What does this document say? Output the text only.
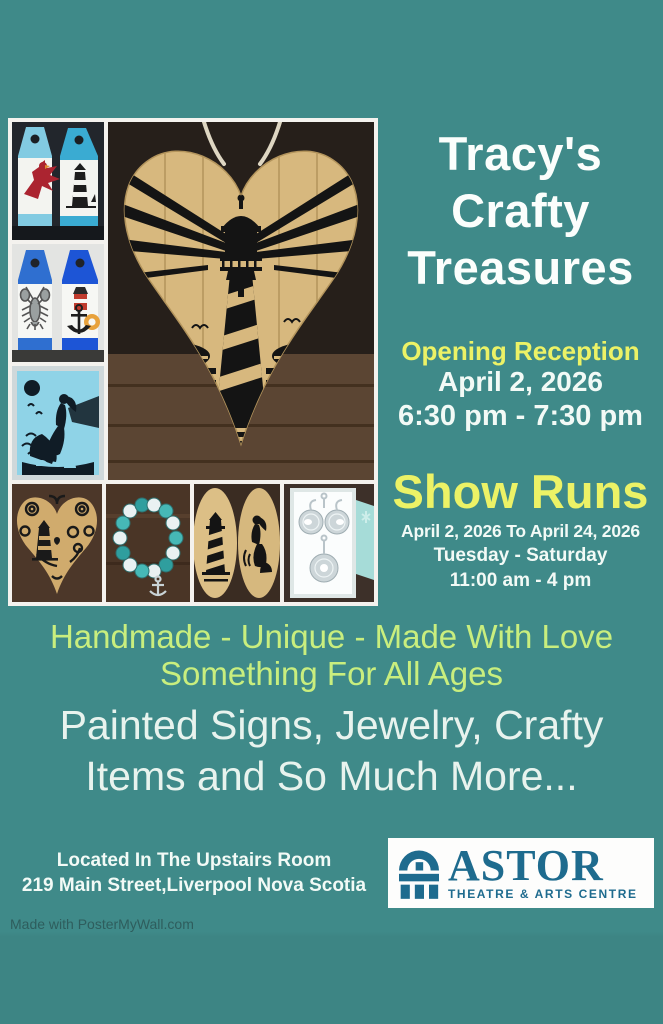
Tracy's
Crafty
Treasures
Opening Reception
April 2, 2026
6:30 pm - 7:30 pm
Show Runs
April 2, 2026 To April 24, 2026
Tuesday - Saturday
11:00 am - 4 pm
Handmade - Unique - Made With Love
Something For All Ages
Painted Signs, Jewelry, Crafty
Items and So Much More...
Located In The Upstairs Room
219 Main Street,Liverpool Nova Scotia	ASTOR
THEATRE & ARTS CENTRE
Made with PosterMyWall.com
